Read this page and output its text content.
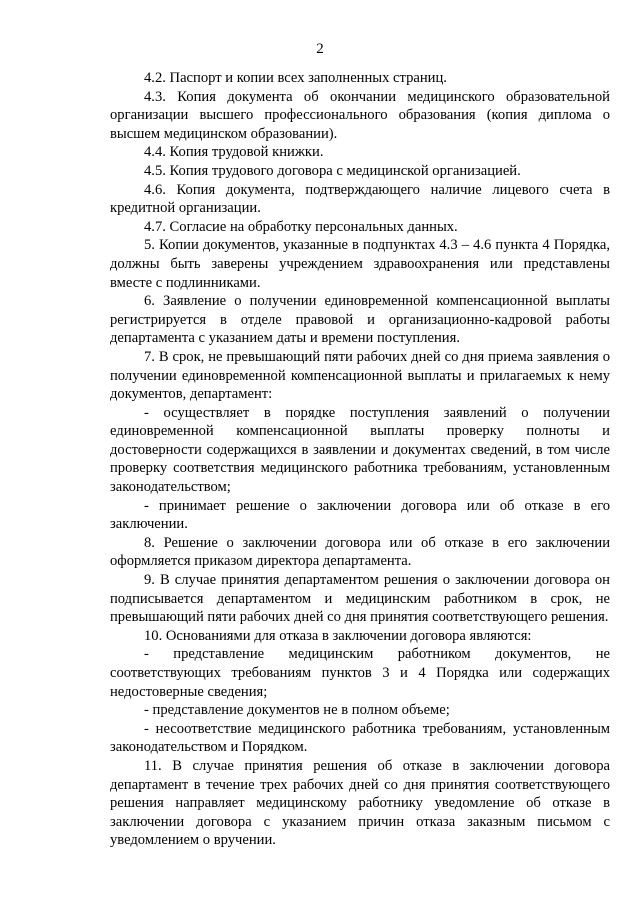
2

4.2. Паспорт и копии всех заполненных страниц.

4.3. Копия документа об окончании медицинского образовательной организации высшего профессионального образования (копия диплома о высшем медицинском образовании).

4.4. Копия трудовой книжки.

4.5. Копия трудового договора с медицинской организацией.

4.6. Копия документа, подтверждающего наличие лицевого счета в кредитной организации.

4.7. Согласие на обработку персональных данных.

5. Копии документов, указанные в подпунктах 4.3 – 4.6 пункта 4 Порядка, должны быть заверены учреждением здравоохранения или представлены вместе с подлинниками.

6. Заявление о получении единовременной компенсационной выплаты регистрируется в отделе правовой и организационно-кадровой работы департамента с указанием даты и времени поступления.

7. В срок, не превышающий пяти рабочих дней со дня приема заявления о получении единовременной компенсационной выплаты и прилагаемых к нему документов, департамент:

- осуществляет в порядке поступления заявлений о получении единовременной компенсационной выплаты проверку полноты и достоверности содержащихся в заявлении и документах сведений, в том числе проверку соответствия медицинского работника требованиям, установленным законодательством;

- принимает решение о заключении договора или об отказе в его заключении.

8. Решение о заключении договора или об отказе в его заключении оформляется приказом директора департамента.

9. В случае принятия департаментом решения о заключении договора он подписывается департаментом и медицинским работником в срок, не превышающий пяти рабочих дней со дня принятия соответствующего решения.

10. Основаниями для отказа в заключении договора являются:

- представление медицинским работником документов, не соответствующих требованиям пунктов 3 и 4 Порядка или содержащих недостоверные сведения;

- представление документов не в полном объеме;

- несоответствие медицинского работника требованиям, установленным законодательством и Порядком.

11. В случае принятия решения об отказе в заключении договора департамент в течение трех рабочих дней со дня принятия соответствующего решения направляет медицинскому работнику уведомление об отказе в заключении договора с указанием причин отказа заказным письмом с уведомлением о вручении.
